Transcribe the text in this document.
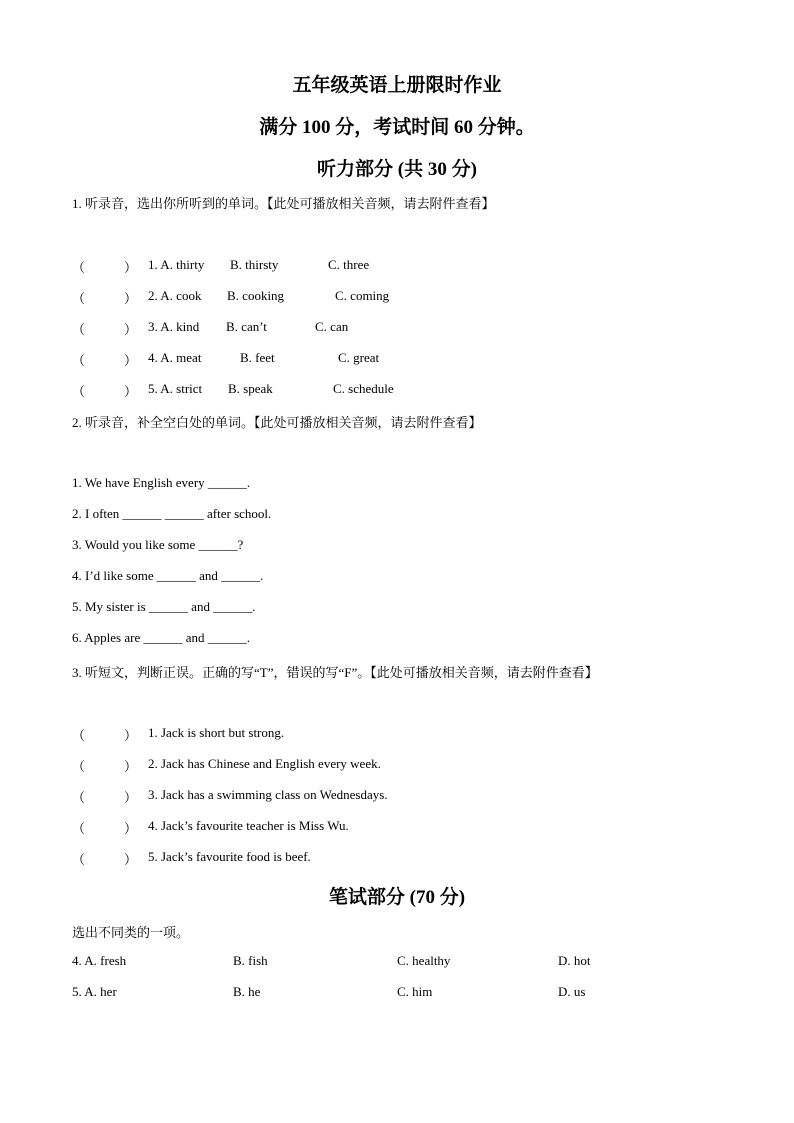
五年级英语上册限时作业
满分 100 分，考试时间 60 分钟。
听力部分 (共 30 分)
1. 听录音，选出你所听到的单词。【此处可播放相关音频，请去附件查看】
（	） 1. A. thirty B. thirsty	C. three
（	） 2. A. cook B. cooking	C. coming
（	） 3. A. kind B. can’t	C. can
（	） 4. A. meat	B. feet	C. great
（	） 5. A. strict B. speak	C. schedule
2. 听录音，补全空白处的单词。【此处可播放相关音频，请去附件查看】
1. We have English every ______.
2. I often ______ ______ after school.
3. Would you like some ______?
4. I’d like some ______ and ______.
5. My sister is ______ and ______.
6. Apples are ______ and ______.
3. 听短文，判断正误。正确的写“T”，错误的写“F”。【此处可播放相关音频，请去附件查看】
（	） 1. Jack is short but strong.
（	） 2. Jack has Chinese and English every week.
（	） 3. Jack has a swimming class on Wednesdays.
（	） 4. Jack’s favourite teacher is Miss Wu.
（	） 5. Jack’s favourite food is beef.
笔试部分 (70 分)
选出不同类的一项。
4. A. fresh	B. fish	C. healthy	D. hot
5. A. her	B. he	C. him	D. us
